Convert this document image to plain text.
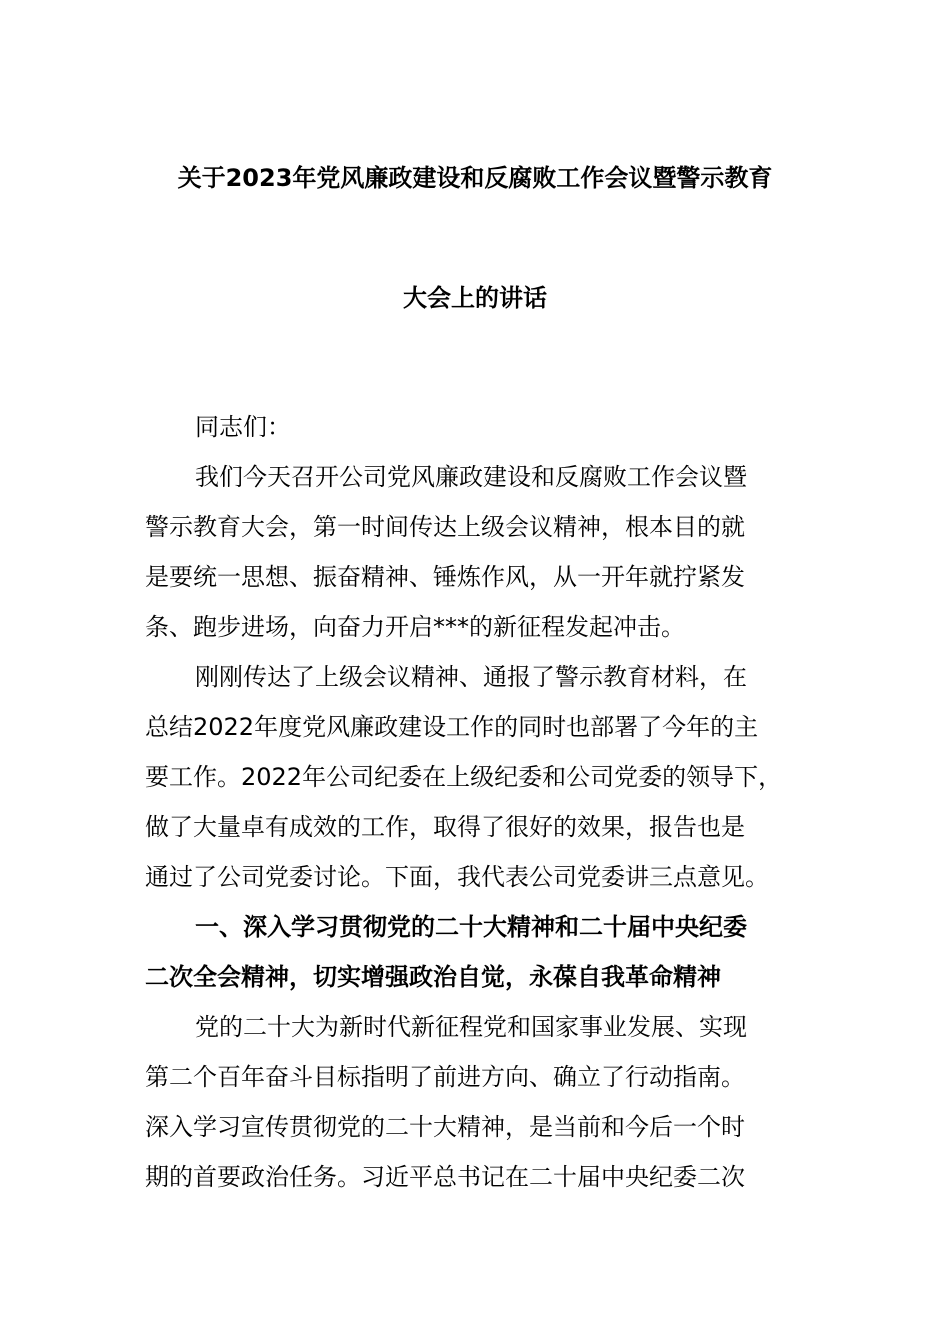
关于2023年党风廉政建设和反腐败工作会议暨警示教育
大会上的讲话
同志们：
我们今天召开公司党风廉政建设和反腐败工作会议暨
警示教育大会，第一时间传达上级会议精神，根本目的就
是要统一思想、振奋精神、锤炼作风，从一开年就拧紧发
条、跑步进场，向奋力开启***的新征程发起冲击。
刚刚传达了上级会议精神、通报了警示教育材料，在
总结2022年度党风廉政建设工作的同时也部署了今年的主
要工作。2022年公司纪委在上级纪委和公司党委的领导下，
做了大量卓有成效的工作，取得了很好的效果，报告也是
通过了公司党委讨论。下面，我代表公司党委讲三点意见。
一、深入学习贯彻党的二十大精神和二十届中央纪委
二次全会精神，切实增强政治自觉，永葆自我革命精神
党的二十大为新时代新征程党和国家事业发展、实现
第二个百年奋斗目标指明了前进方向、确立了行动指南。
深入学习宣传贯彻党的二十大精神，是当前和今后一个时
期的首要政治任务。习近平总书记在二十届中央纪委二次
